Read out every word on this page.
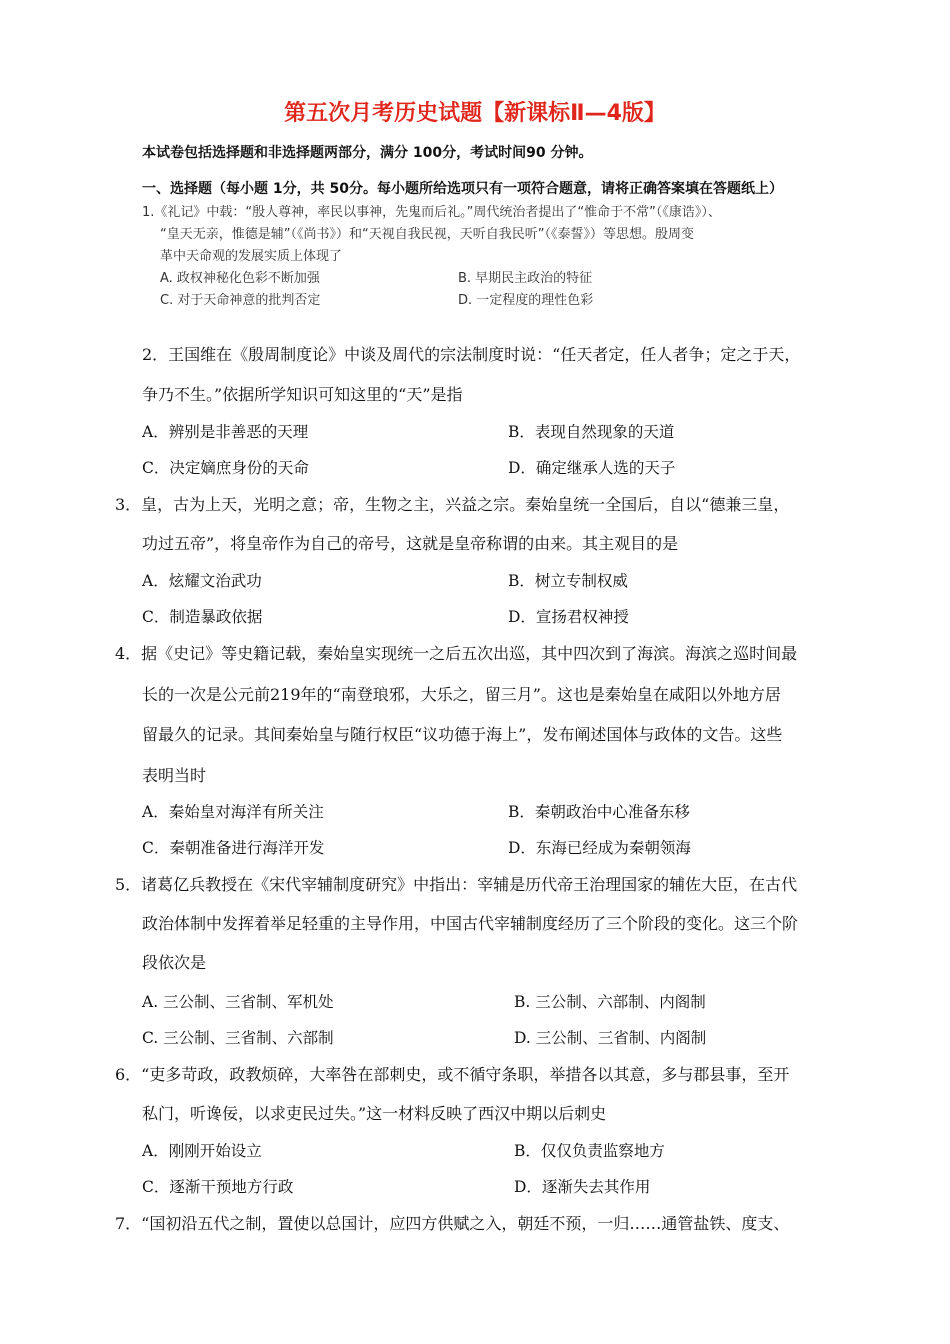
第五次月考历史试题【新课标Ⅱ—4版】
本试卷包括选择题和非选择题两部分，满分 100分，考试时间90 分钟。
一、选择题（每小题 1分，共 50分。每小题所给选项只有一项符合题意，请将正确答案填在答题纸上）
1.《礼记》中载：“殷人尊神，率民以事神，先鬼而后礼。”周代统治者提出了“惟命于不常”（《康诰》）、
“皇天无亲，惟德是辅”（《尚书》）和“天视自我民视，天听自我民听”（《泰誓》）等思想。殷周变
革中天命观的发展实质上体现了
A. 政权神秘化色彩不断加强	B. 早期民主政治的特征
C. 对于天命神意的批判否定	D. 一定程度的理性色彩
2．王国维在《殷周制度论》中谈及周代的宗法制度时说：“任天者定，任人者争；定之于天，
争乃不生。”依据所学知识可知这里的“天”是指
A．辨别是非善恶的天理	B．表现自然现象的天道
C．决定嫡庶身份的天命	D．确定继承人选的天子
3．皇，古为上天，光明之意；帝，生物之主，兴益之宗。秦始皇统一全国后，自以“德兼三皇，
功过五帝”，将皇帝作为自己的帝号，这就是皇帝称谓的由来。其主观目的是
A．炫耀文治武功	B．树立专制权威
C．制造暴政依据	D．宣扬君权神授
4．据《史记》等史籍记载，秦始皇实现统一之后五次出巡，其中四次到了海滨。海滨之巡时间最
长的一次是公元前219年的“南登琅邪，大乐之，留三月”。这也是秦始皇在咸阳以外地方居
留最久的记录。其间秦始皇与随行权臣“议功德于海上”，发布阐述国体与政体的文告。这些
表明当时
A．秦始皇对海洋有所关注	B．秦朝政治中心准备东移
C．秦朝准备进行海洋开发	D．东海已经成为秦朝领海
5．诸葛亿兵教授在《宋代宰辅制度研究》中指出：宰辅是历代帝王治理国家的辅佐大臣，在古代
政治体制中发挥着举足轻重的主导作用，中国古代宰辅制度经历了三个阶段的变化。这三个阶
段依次是
A. 三公制、三省制、军机处	B. 三公制、六部制、内阁制
C. 三公制、三省制、六部制	D. 三公制、三省制、内阁制
6．“吏多苛政，政教烦碎，大率咎在部刺史，或不循守条职，举措各以其意，多与郡县事，至开
私门，听谗佞，以求吏民过失。”这一材料反映了西汉中期以后刺史
A．刚刚开始设立	B．仅仅负责监察地方
C．逐渐干预地方行政	D．逐渐失去其作用
7．“国初沿五代之制，置使以总国计，应四方供赋之入，朝廷不预，一归……通管盐铁、度支、
